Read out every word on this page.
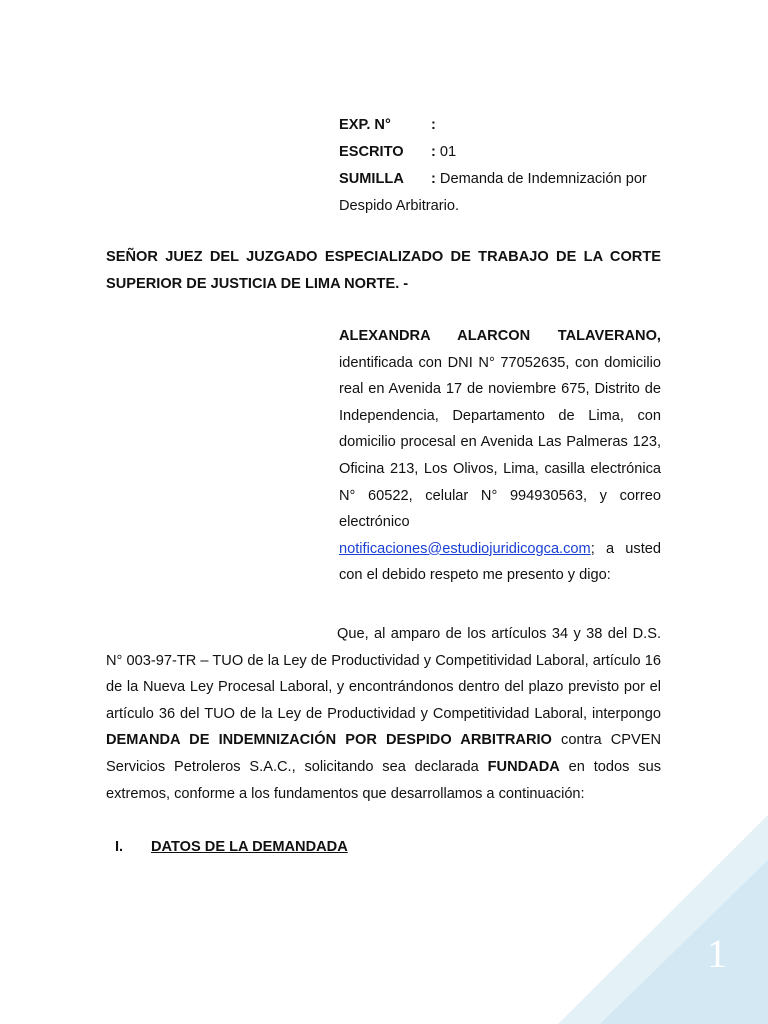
1
EXP. N°	:
ESCRITO : 01
SUMILLA : Demanda de Indemnización por
Despido Arbitrario.
SEÑOR JUEZ DEL JUZGADO ESPECIALIZADO DE TRABAJO DE LA CORTE SUPERIOR DE JUSTICIA DE LIMA NORTE. -
ALEXANDRA ALARCON TALAVERANO,
identificada con DNI N° 77052635, con domicilio real en Avenida 17 de noviembre 675, Distrito de Independencia, Departamento de Lima, con domicilio procesal en Avenida Las Palmeras 123, Oficina 213, Los Olivos, Lima, casilla electrónica N° 60522, celular N° 994930563, y correo electrónico notificaciones@estudiojuridicogca.com; a usted con el debido respeto me presento y digo:
Que, al amparo de los artículos 34 y 38 del D.S. N° 003-97-TR – TUO de la Ley de Productividad y Competitividad Laboral, artículo 16 de la Nueva Ley Procesal Laboral, y encontrándonos dentro del plazo previsto por el artículo 36 del TUO de la Ley de Productividad y Competitividad Laboral, interpongo DEMANDA DE INDEMNIZACIÓN POR DESPIDO ARBITRARIO contra CPVEN Servicios Petroleros S.A.C., solicitando sea declarada FUNDADA en todos sus extremos, conforme a los fundamentos que desarrollamos a continuación:
I. DATOS DE LA DEMANDADA
